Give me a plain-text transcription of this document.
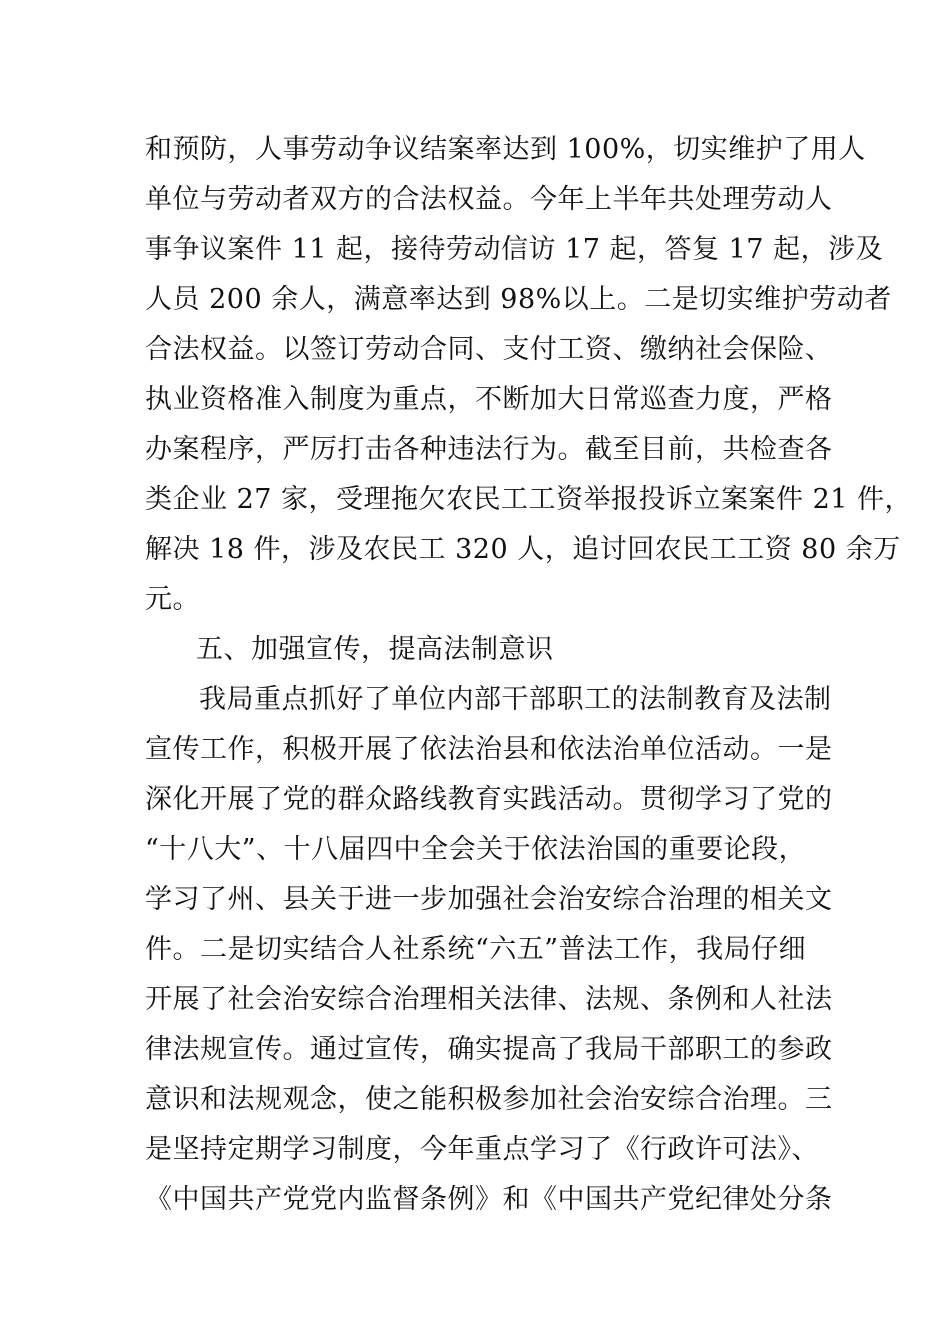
和预防，人事劳动争议结案率达到 100%，切实维护了用人
单位与劳动者双方的合法权益。今年上半年共处理劳动人
事争议案件 11 起，接待劳动信访 17 起，答复 17 起，涉及
人员 200 余人，满意率达到 98%以上。二是切实维护劳动者
合法权益。以签订劳动合同、支付工资、缴纳社会保险、
执业资格准入制度为重点，不断加大日常巡查力度，严格
办案程序，严厉打击各种违法行为。截至目前，共检查各
类企业 27 家，受理拖欠农民工工资举报投诉立案案件 21 件，
解决 18 件，涉及农民工 320 人，追讨回农民工工资 80 余万
元。
五、加强宣传，提高法制意识
我局重点抓好了单位内部干部职工的法制教育及法制
宣传工作，积极开展了依法治县和依法治单位活动。一是
深化开展了党的群众路线教育实践活动。贯彻学习了党的
“十八大”、十八届四中全会关于依法治国的重要论段，
学习了州、县关于进一步加强社会治安综合治理的相关文
件。二是切实结合人社系统“六五”普法工作，我局仔细
开展了社会治安综合治理相关法律、法规、条例和人社法
律法规宣传。通过宣传，确实提高了我局干部职工的参政
意识和法规观念，使之能积极参加社会治安综合治理。三
是坚持定期学习制度，今年重点学习了《行政许可法》、
《中国共产党党内监督条例》和《中国共产党纪律处分条
